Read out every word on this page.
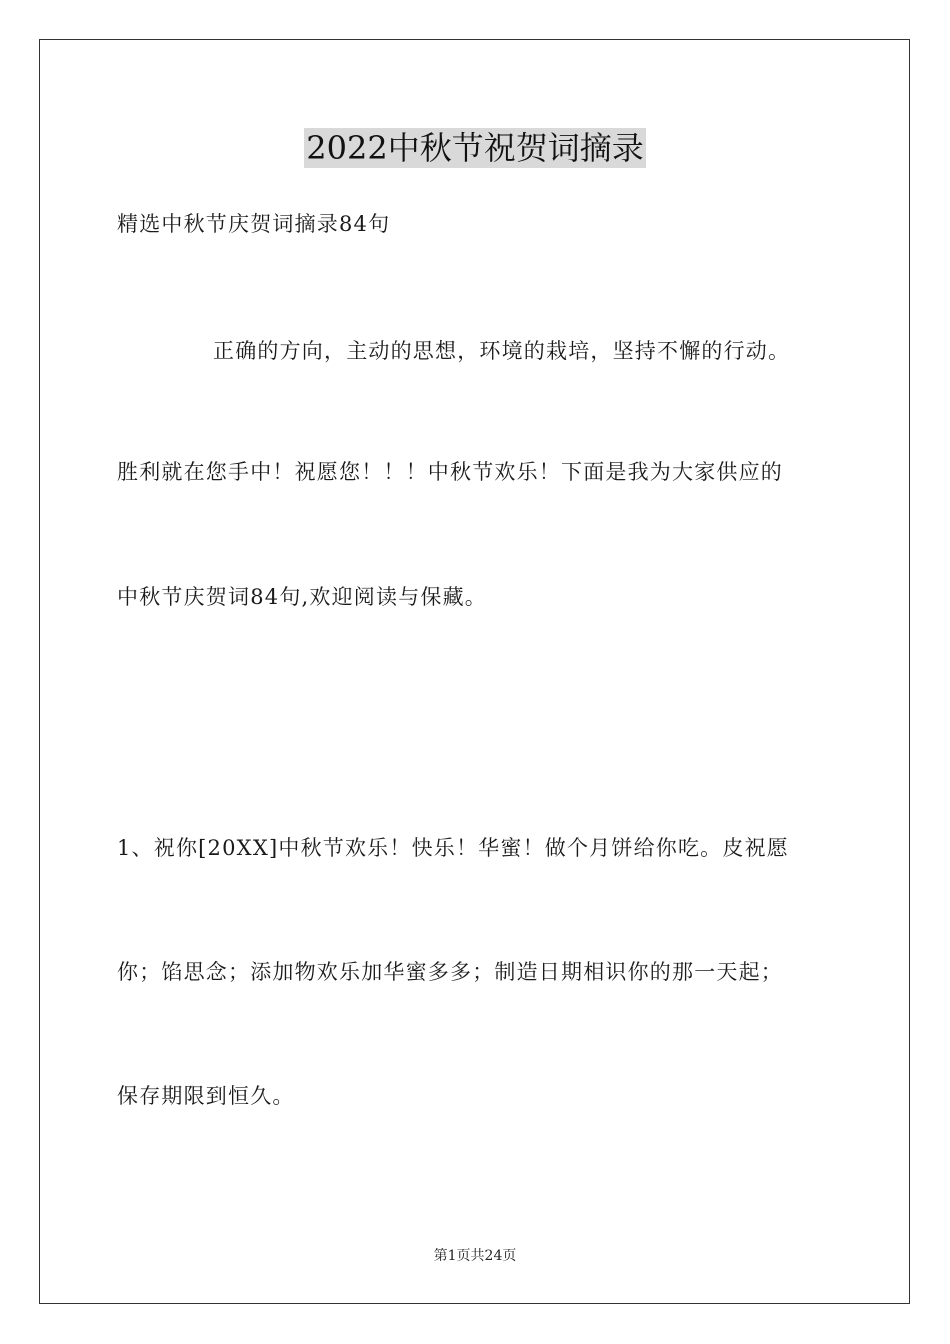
2022中秋节祝贺词摘录
精选中秋节庆贺词摘录84句
正确的方向，主动的思想，环境的栽培，坚持不懈的行动。
胜利就在您手中！祝愿您！！！中秋节欢乐！下面是我为大家供应的
中秋节庆贺词84句,欢迎阅读与保藏。
1、祝你[20XX]中秋节欢乐！快乐！华蜜！做个月饼给你吃。皮祝愿
你；馅思念；添加物欢乐加华蜜多多；制造日期相识你的那一天起；
保存期限到恒久。
第1页共24页
